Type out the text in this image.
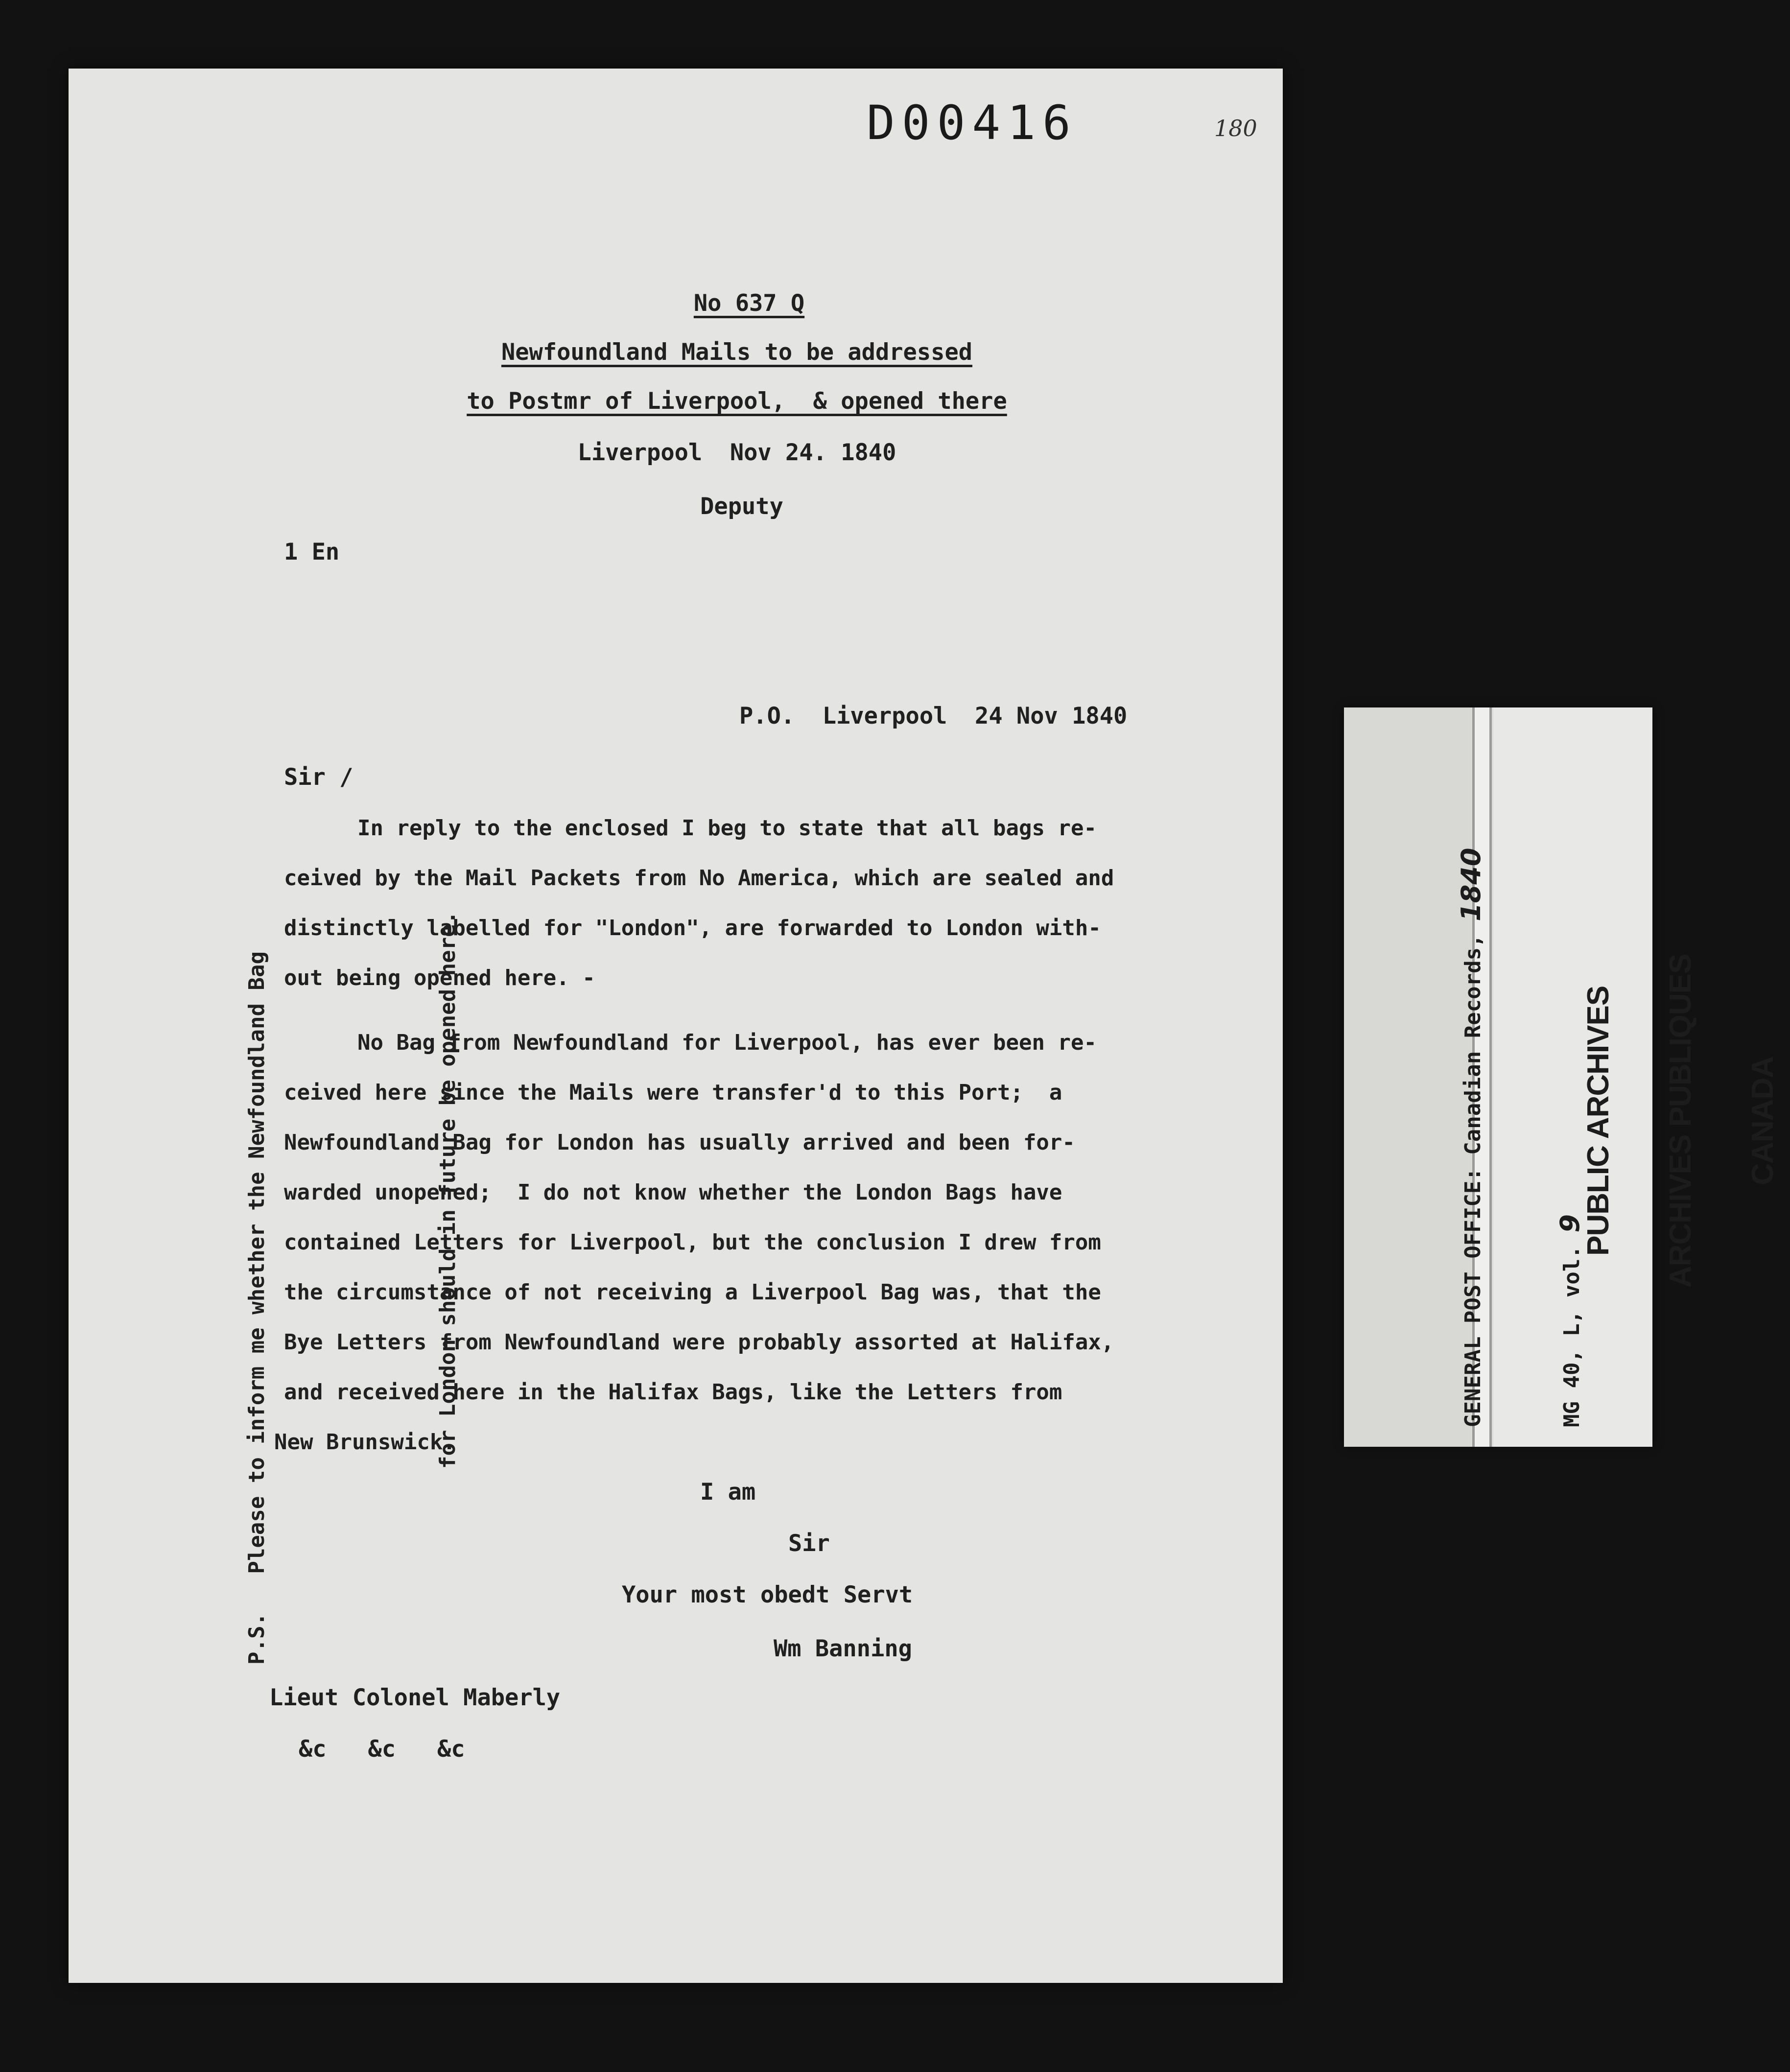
D00416	180
No 637 Q
Newfoundland Mails to be addressed
to Postmr of Liverpool,  & opened there
Liverpool  Nov 24. 1840
Deputy
1 En
P.O.  Liverpool  24 Nov 1840
Sir /
In reply to the enclosed I beg to state that all bags re-
ceived by the Mail Packets from No America, which are sealed and
distinctly labelled for "London", are forwarded to London with-
out being opened here. -
No Bag from Newfoundland for Liverpool, has ever been re-
ceived here since the Mails were transfer'd to this Port;  a
Newfoundland Bag for London has usually arrived and been for-
warded unopened;  I do not know whether the London Bags have
contained Letters for Liverpool, but the conclusion I drew from
the circumstance of not receiving a Liverpool Bag was, that the
Bye Letters from Newfoundland were probably assorted at Halifax,
and received here in the Halifax Bags, like the Letters from
New Brunswick.
I am
Sir
Your most obedt Servt
Wm Banning
Lieut Colonel Maberly
&c   &c   &c

P.S.   Please to inform me whether the Newfoundland Bag

	for London should in future be opened here.

	GENERAL POST OFFICE: Canadian Records, 1840

MG 40, L, vol. 9

PUBLIC ARCHIVES

ARCHIVES PUBLIQUES

CANADA
